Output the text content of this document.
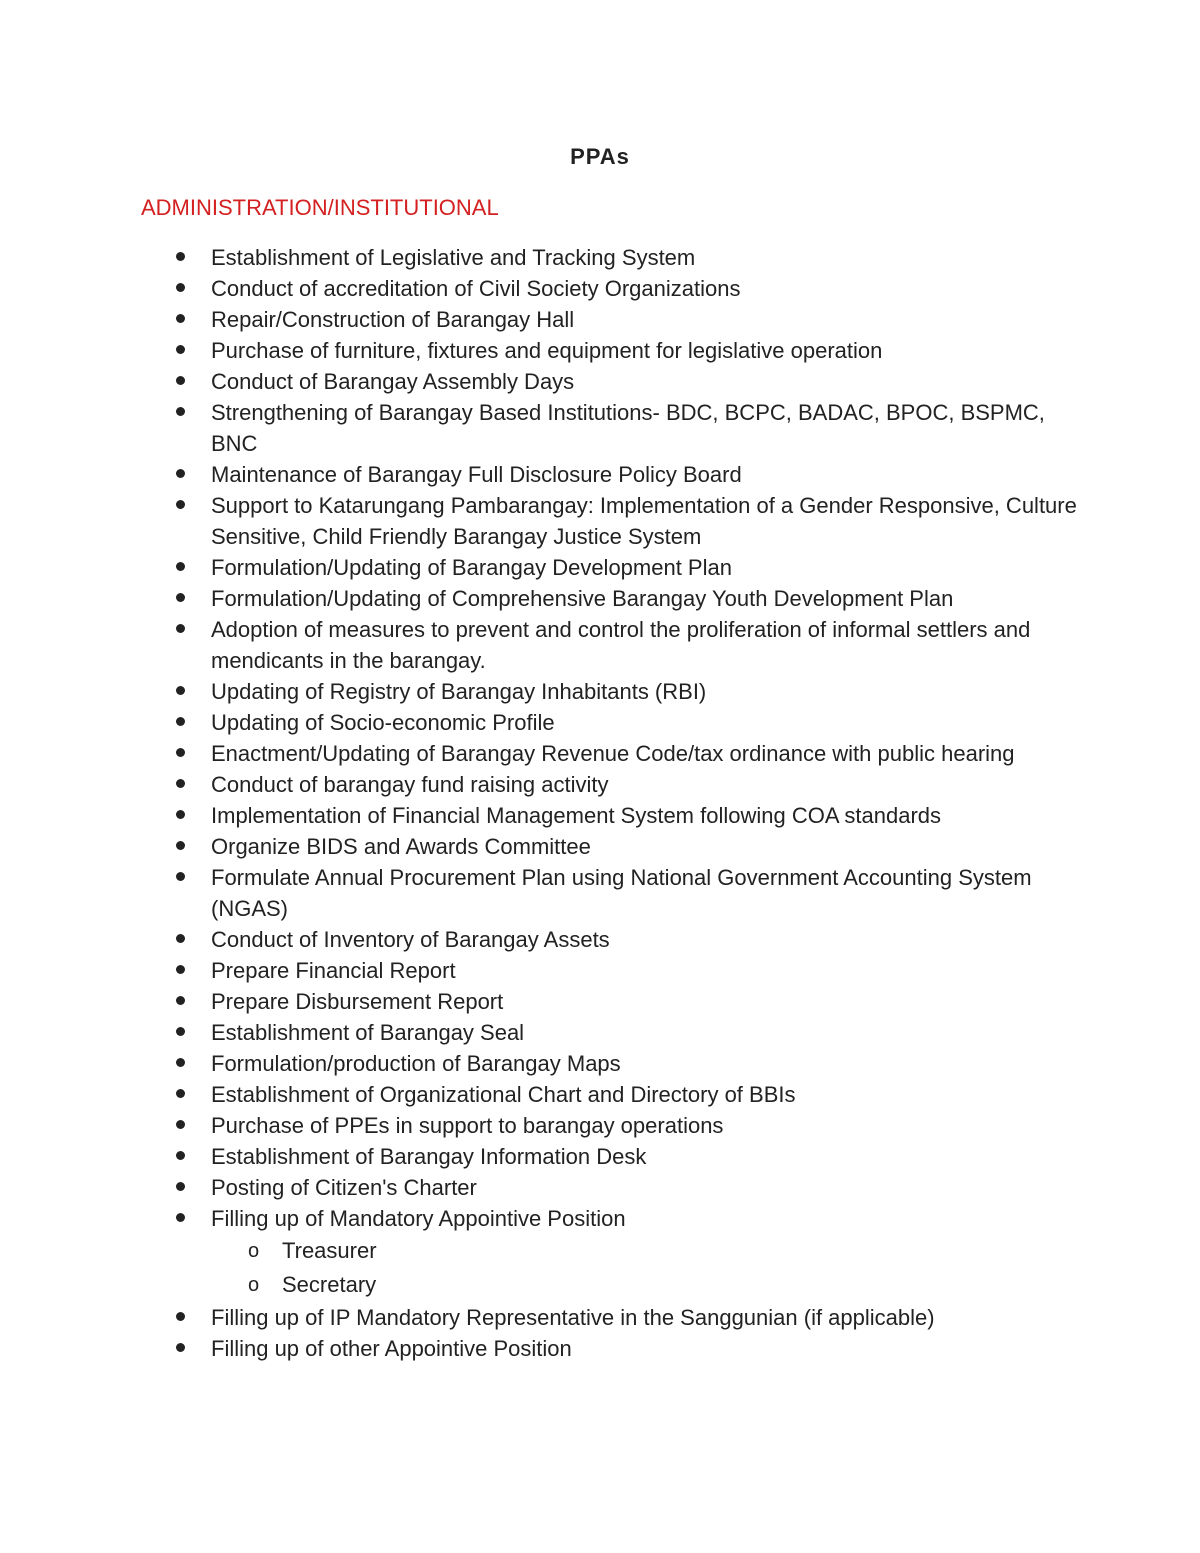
PPAs
ADMINISTRATION/INSTITUTIONAL
Establishment of Legislative and Tracking System
Conduct of accreditation of Civil Society Organizations
Repair/Construction of Barangay Hall
Purchase of furniture, fixtures and equipment for legislative operation
Conduct of Barangay Assembly Days
Strengthening of Barangay Based Institutions- BDC, BCPC, BADAC, BPOC, BSPMC, BNC
Maintenance of Barangay Full Disclosure Policy Board
Support to Katarungang Pambarangay: Implementation of a Gender Responsive, Culture Sensitive, Child Friendly Barangay Justice System
Formulation/Updating of Barangay Development Plan
Formulation/Updating of Comprehensive Barangay Youth Development Plan
Adoption of measures to prevent and control the proliferation of informal settlers and mendicants in the barangay.
Updating of Registry of Barangay Inhabitants (RBI)
Updating of Socio-economic Profile
Enactment/Updating of Barangay Revenue Code/tax ordinance with public hearing
Conduct of barangay fund raising activity
Implementation of Financial Management System following COA standards
Organize BIDS and Awards Committee
Formulate Annual Procurement Plan using National Government Accounting System (NGAS)
Conduct of Inventory of Barangay Assets
Prepare Financial Report
Prepare Disbursement Report
Establishment of Barangay Seal
Formulation/production of Barangay Maps
Establishment of Organizational Chart and Directory of BBIs
Purchase of PPEs in support to barangay operations
Establishment of Barangay Information Desk
Posting of Citizen's Charter
Filling up of Mandatory Appointive Position
o	Treasurer
o	Secretary
Filling up of IP Mandatory Representative in the Sanggunian (if applicable)
Filling up of other Appointive Position
